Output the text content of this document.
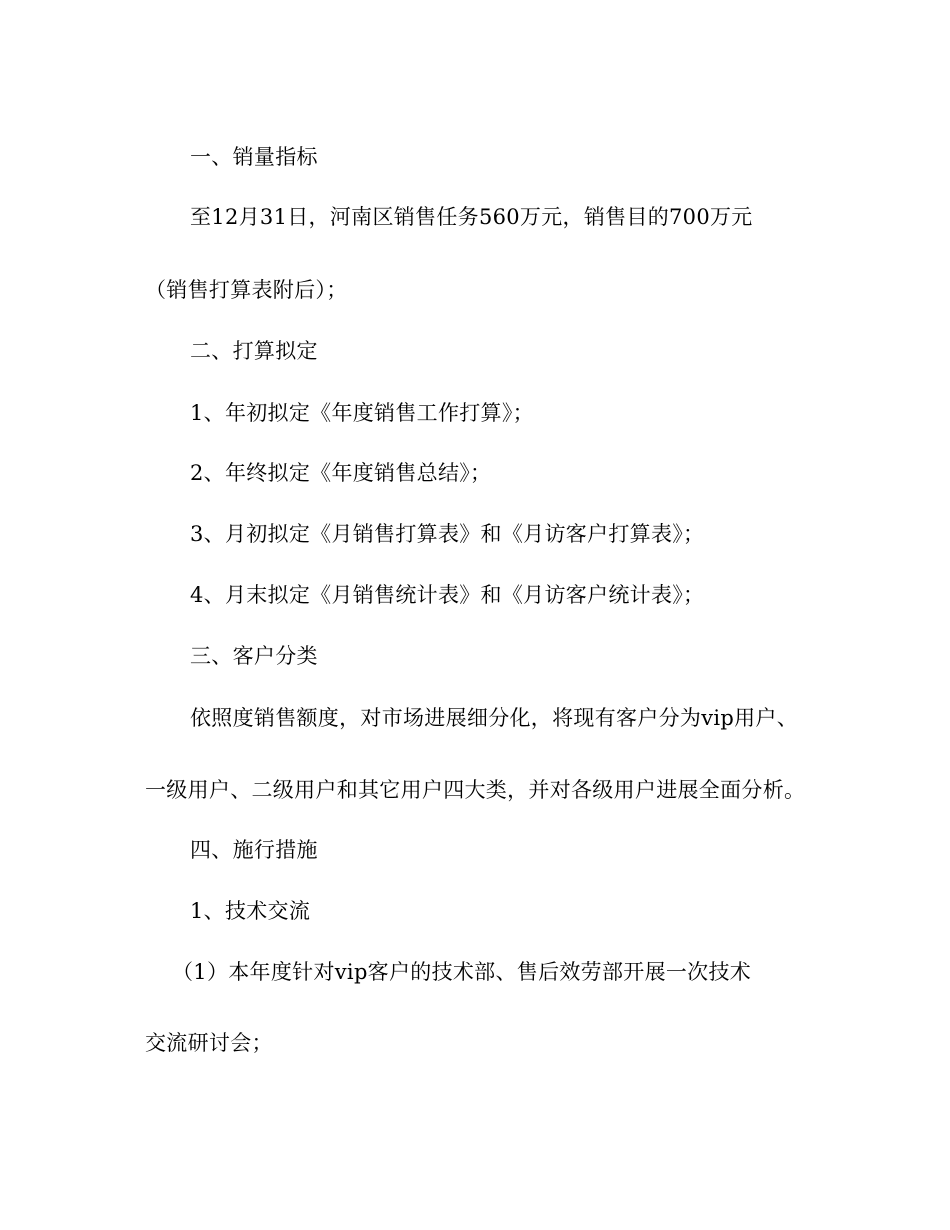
一、销量指标
至12月31日，河南区销售任务560万元，销售目的700万元
（销售打算表附后）；
二、打算拟定
1、年初拟定《年度销售工作打算》；
2、年终拟定《年度销售总结》；
3、月初拟定《月销售打算表》和《月访客户打算表》；
4、月末拟定《月销售统计表》和《月访客户统计表》；
三、客户分类
依照度销售额度，对市场进展细分化，将现有客户分为vip用户、
一级用户、二级用户和其它用户四大类，并对各级用户进展全面分析。
四、施行措施
1、技术交流
（1）本年度针对vip客户的技术部、售后效劳部开展一次技术
交流研讨会；
